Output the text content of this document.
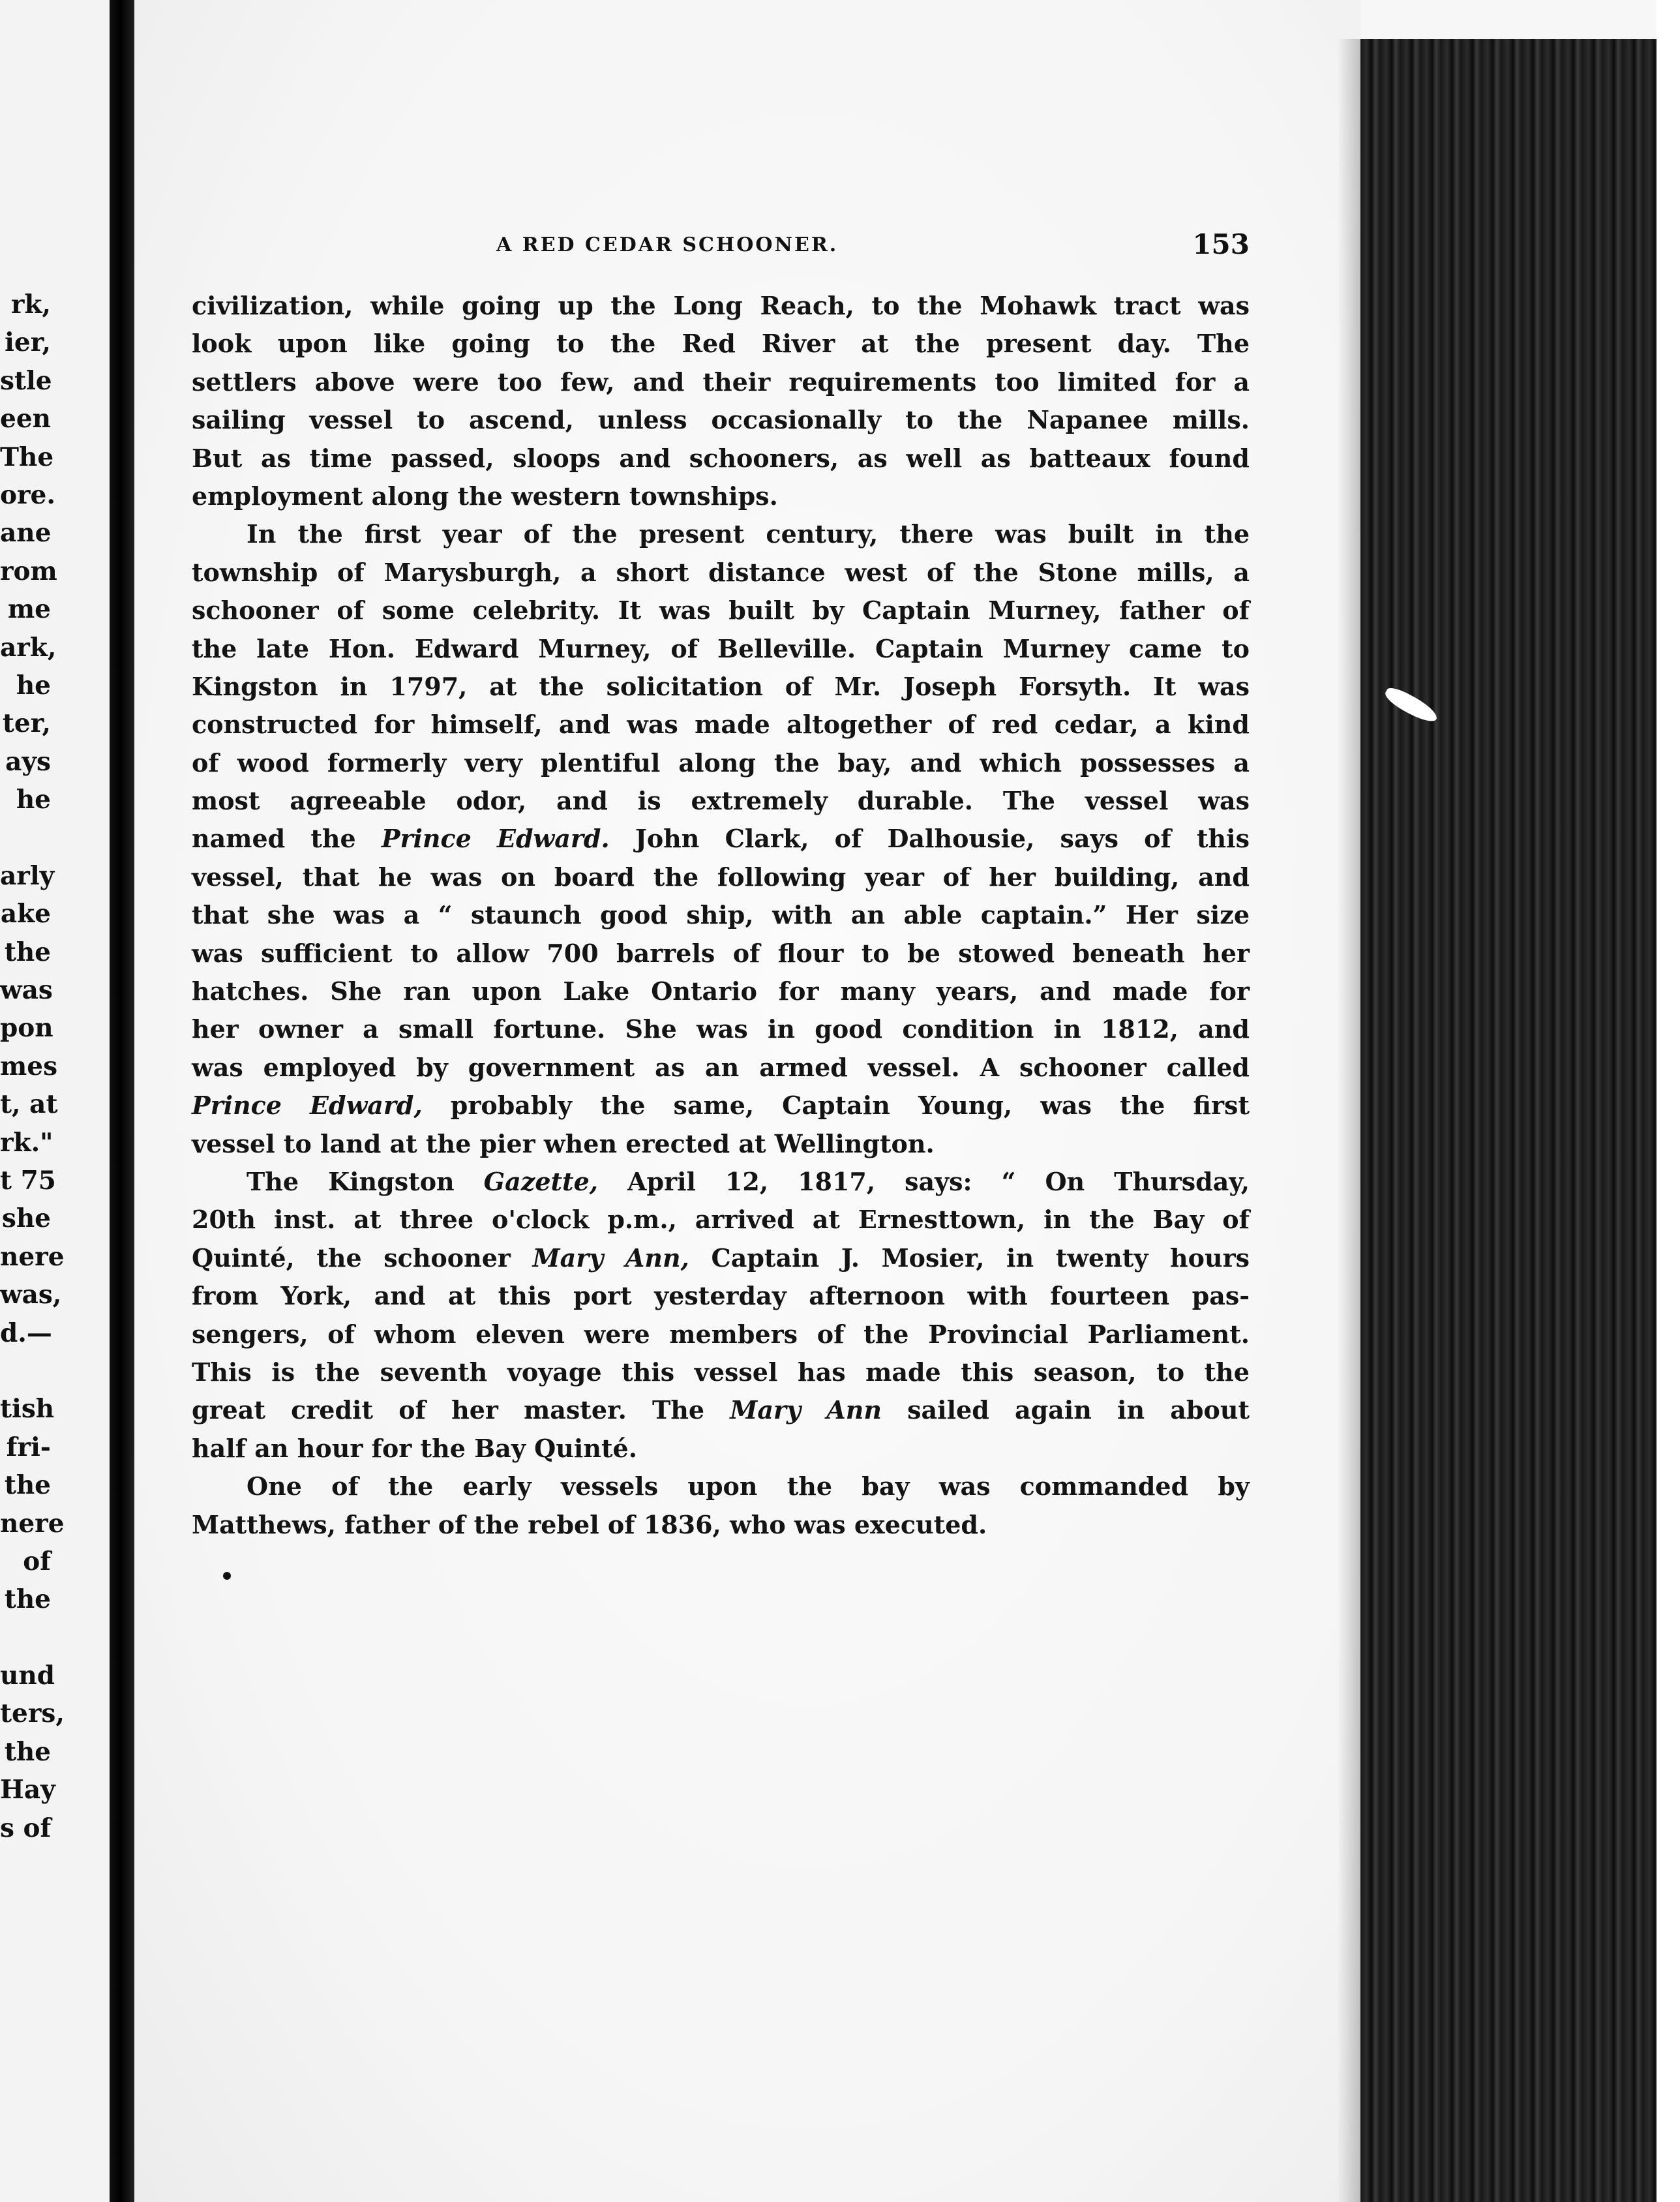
rk,
ier,
stle
een
The
ore.
ane
rom
me
ark,
he
ter,
ays
he
arly
ake
the
was
pon
mes
t, at
rk."
t 75
she
nere
was,
d.—
tish
fri-
the
nere
of
the
und
ters,
the
Hay
s of
A RED CEDAR SCHOONER.	153
civilization, while going up the Long Reach, to the Mohawk tract was
look upon like going to the Red River at the present day. The
settlers above were too few, and their requirements too limited for a
sailing vessel to ascend, unless occasionally to the Napanee mills.
But as time passed, sloops and schooners, as well as batteaux found
employment along the western townships.
In the first year of the present century, there was built in the
township of Marysburgh, a short distance west of the Stone mills, a
schooner of some celebrity. It was built by Captain Murney, father of
the late Hon. Edward Murney, of Belleville. Captain Murney came to
Kingston in 1797, at the solicitation of Mr. Joseph Forsyth. It was
constructed for himself, and was made altogether of red cedar, a kind
of wood formerly very plentiful along the bay, and which possesses a
most agreeable odor, and is extremely durable. The vessel was
named the Prince Edward. John Clark, of Dalhousie, says of this
vessel, that he was on board the following year of her building, and
that she was a “ staunch good ship, with an able captain.” Her size
was sufficient to allow 700 barrels of flour to be stowed beneath her
hatches. She ran upon Lake Ontario for many years, and made for
her owner a small fortune. She was in good condition in 1812, and
was employed by government as an armed vessel. A schooner called
Prince Edward, probably the same, Captain Young, was the first
vessel to land at the pier when erected at Wellington.
The Kingston Gazette, April 12, 1817, says: “ On Thursday,
20th inst. at three o'clock p.m., arrived at Ernesttown, in the Bay of
Quinté, the schooner Mary Ann, Captain J. Mosier, in twenty hours
from York, and at this port yesterday afternoon with fourteen pas-
sengers, of whom eleven were members of the Provincial Parliament.
This is the seventh voyage this vessel has made this season, to the
great credit of her master. The Mary Ann sailed again in about
half an hour for the Bay Quinté.
One of the early vessels upon the bay was commanded by
Matthews, father of the rebel of 1836, who was executed.
